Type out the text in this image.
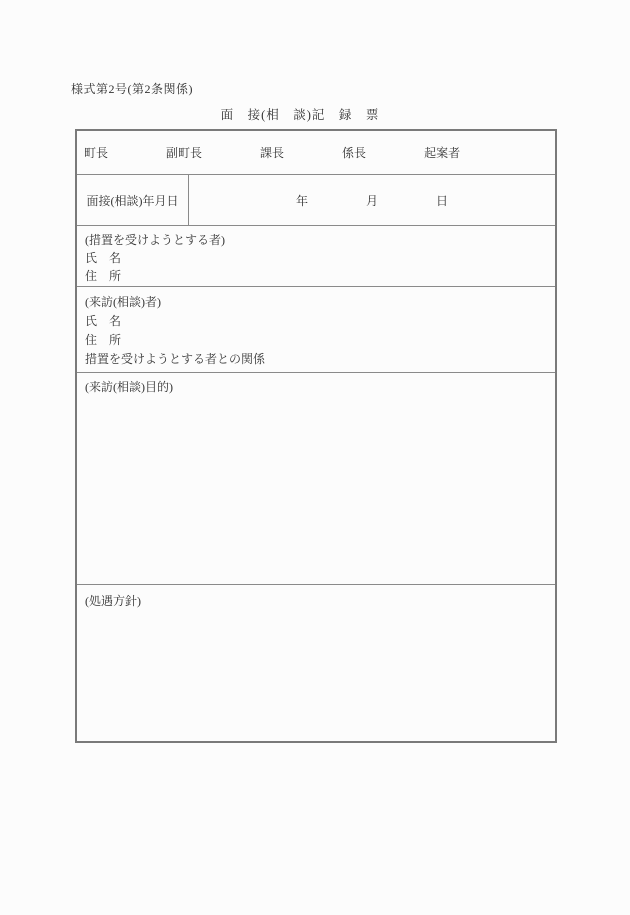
様式第2号(第2条関係)
面　接(相　談)記　録　票
町長	副町長	課長	係長	起案者
面接(相談)年月日	年	月	日
(措置を受けようとする者)
氏　名
住　所
(来訪(相談)者)
氏　名
住　所
措置を受けようとする者との関係
(来訪(相談)目的)
(処遇方針)
